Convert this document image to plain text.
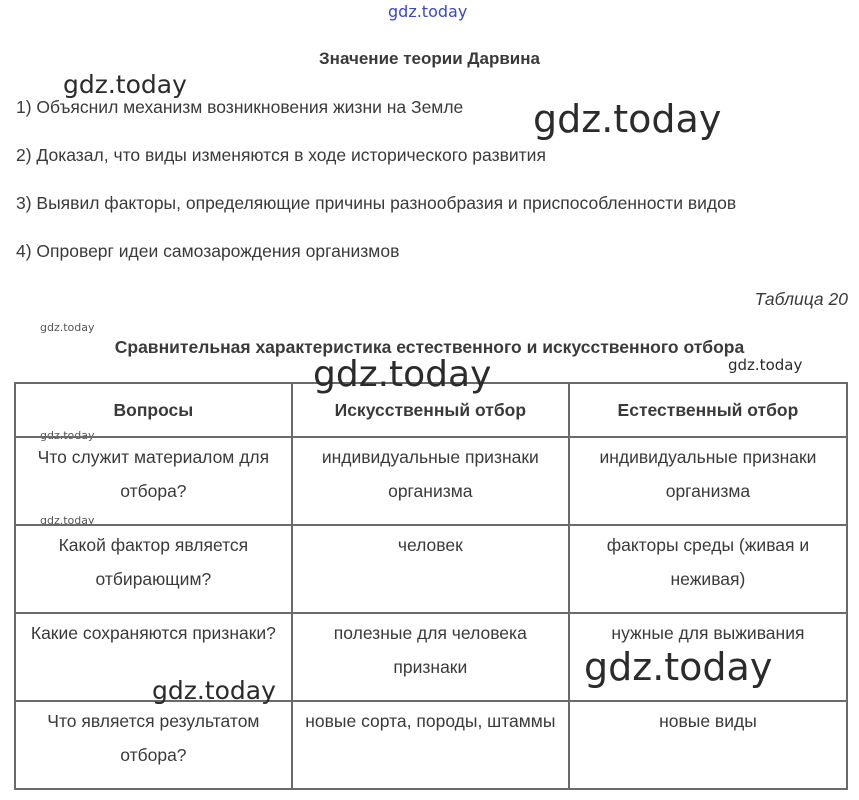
gdz.today
gdz.today
gdz.today
gdz.today
gdz.today
gdz.today
gdz.today
Значение теории Дарвина
1) Объяснил механизм возникновения жизни на Земле
2) Доказал, что виды изменяются в ходе исторического развития
3) Выявил факторы, определяющие причины разнообразия и приспособленности видов
4) Опроверг идеи самозарождения организмов
Таблица 20
Сравнительная характеристика естественного и искусственного отбора
Вопросы	Искусственный отбор	Естественный отбор

Что служит материалом для отбора?	индивидуальные признаки организма	индивидуальные признаки организма

Какой фактор является отбирающим?	человек	факторы среды (живая и неживая)

Какие сохраняются признаки?	полезные для человека признаки	нужные для выживания

Что является результатом отбора?	новые сорта, породы, штаммы	новые виды
gdz.today
gdz.today
gdz.today
